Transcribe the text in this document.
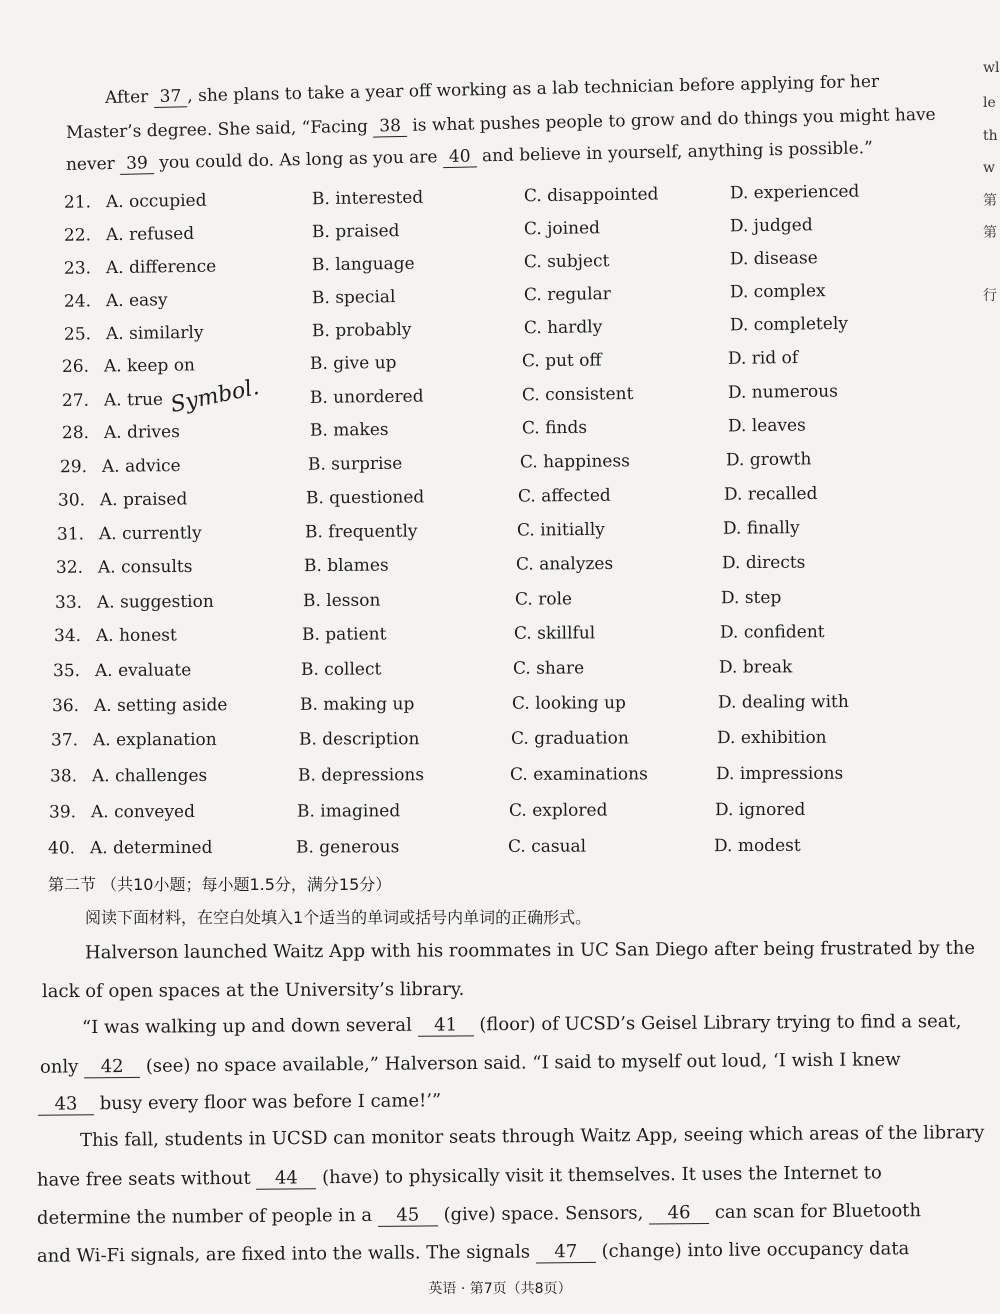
After 37 , she plans to take a year off working as a lab technician before applying for her
Master’s degree. She said, “Facing 38 is what pushes people to grow and do things you might have
never 39 you could do. As long as you are 40 and believe in yourself, anything is possible.”
Symbol.
21. A. occupied	B. interested	C. disappointed	D. experienced
22. A. refused	B. praised	C. joined	D. judged
23. A. difference	B. language	C. subject	D. disease
24. A. easy	B. special	C. regular	D. complex
25. A. similarly	B. probably	C. hardly	D. completely
26. A. keep on	B. give up	C. put off	D. rid of
27. A. true	B. unordered	C. consistent	D. numerous
28. A. drives	B. makes	C. finds	D. leaves
29. A. advice	B. surprise	C. happiness	D. growth
30. A. praised	B. questioned	C. affected	D. recalled
31. A. currently	B. frequently	C. initially	D. finally
32. A. consults	B. blames	C. analyzes	D. directs
33. A. suggestion	B. lesson	C. role	D. step
34. A. honest	B. patient	C. skillful	D. confident
35. A. evaluate	B. collect	C. share	D. break
36. A. setting aside	B. making up	C. looking up	D. dealing with
37. A. explanation	B. description	C. graduation	D. exhibition
38. A. challenges	B. depressions	C. examinations	D. impressions
39. A. conveyed	B. imagined	C. explored	D. ignored
40. A. determined	B. generous	C. casual	D. modest
第二节 （共10小题；每小题1.5分，满分15分）
阅读下面材料，在空白处填入1个适当的单词或括号内单词的正确形式。
Halverson launched Waitz App with his roommates in UC San Diego after being frustrated by the
lack of open spaces at the University’s library.
“I was walking up and down several 41 (floor) of UCSD’s Geisel Library trying to find a seat,
only 42 (see) no space available,” Halverson said. “I said to myself out loud, ‘I wish I knew
43 busy every floor was before I came!’”
This fall, students in UCSD can monitor seats through Waitz App, seeing which areas of the library
have free seats without 44 (have) to physically visit it themselves. It uses the Internet to
determine the number of people in a 45 (give) space. Sensors, 46 can scan for Bluetooth
and Wi-Fi signals, are fixed into the walls. The signals 47 (change) into live occupancy data
英语 · 第7页（共8页）
wl
le
th
w
第
第
行
